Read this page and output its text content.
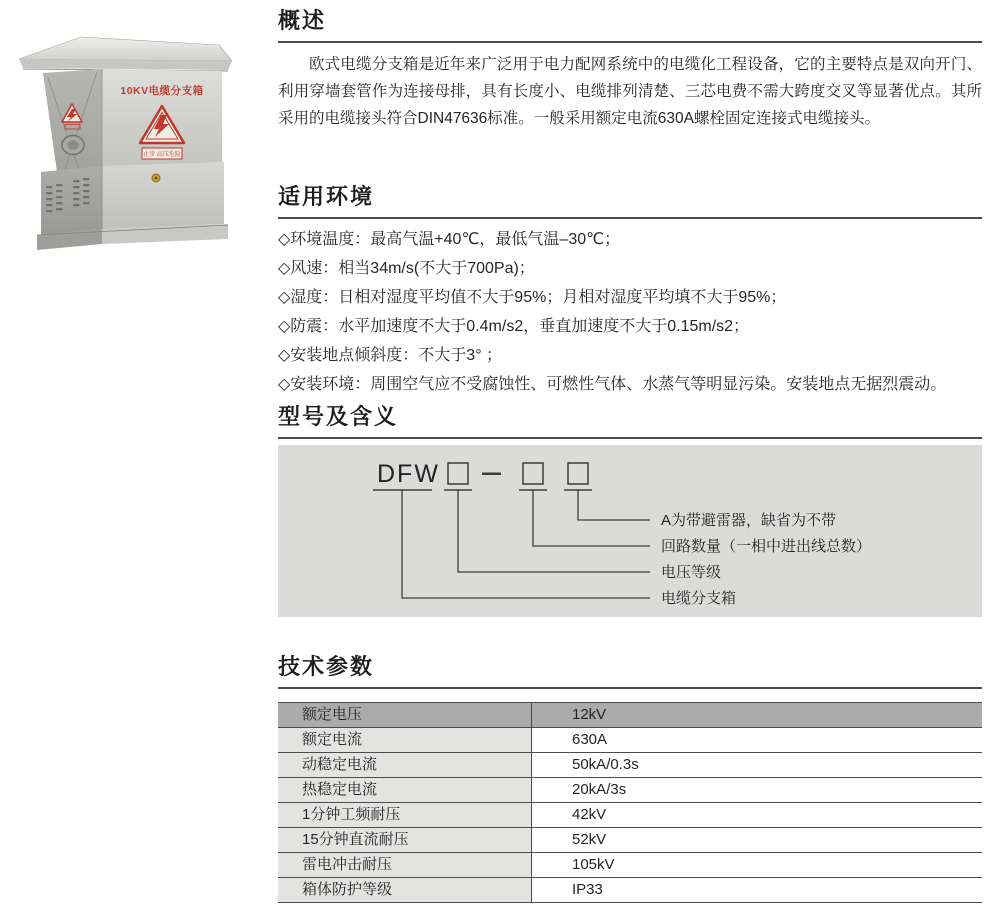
10KV电缆分支箱
止步 高压危险
概述

欧式电缆分支箱是近年来广泛用于电力配网系统中的电缆化工程设备，它的主要特点是双向开门、利用穿墙套管作为连接母排，具有长度小、电缆排列清楚、三芯电费不需大跨度交叉等显著优点。其所采用的电缆接头符合DIN47636标准。一般采用额定电流630A螺栓固定连接式电缆接头。

适用环境
◇环境温度：最高气温+40℃，最低气温–30℃；
◇风速：相当34m/s(不大于700Pa)；
◇湿度：日相对湿度平均值不大于95%；月相对湿度平均填不大于95%；
◇防震：水平加速度不大于0.4m/s2，垂直加速度不大于0.15m/s2；
◇安装地点倾斜度：不大于3° ；
◇安装环境：周围空气应不受腐蚀性、可燃性气体、水蒸气等明显污染。安装地点无据烈震动。
型号及含义
DFW
A为带避雷器，缺省为不带
回路数量（一相中进出线总数）
电压等级
电缆分支箱
技术参数
额定电压	12kV
额定电流	630A
动稳定电流	50kA/0.3s
热稳定电流	20kA/3s
1分钟工频耐压	42kV
15分钟直流耐压	52kV
雷电冲击耐压	105kV
箱体防护等级	IP33
